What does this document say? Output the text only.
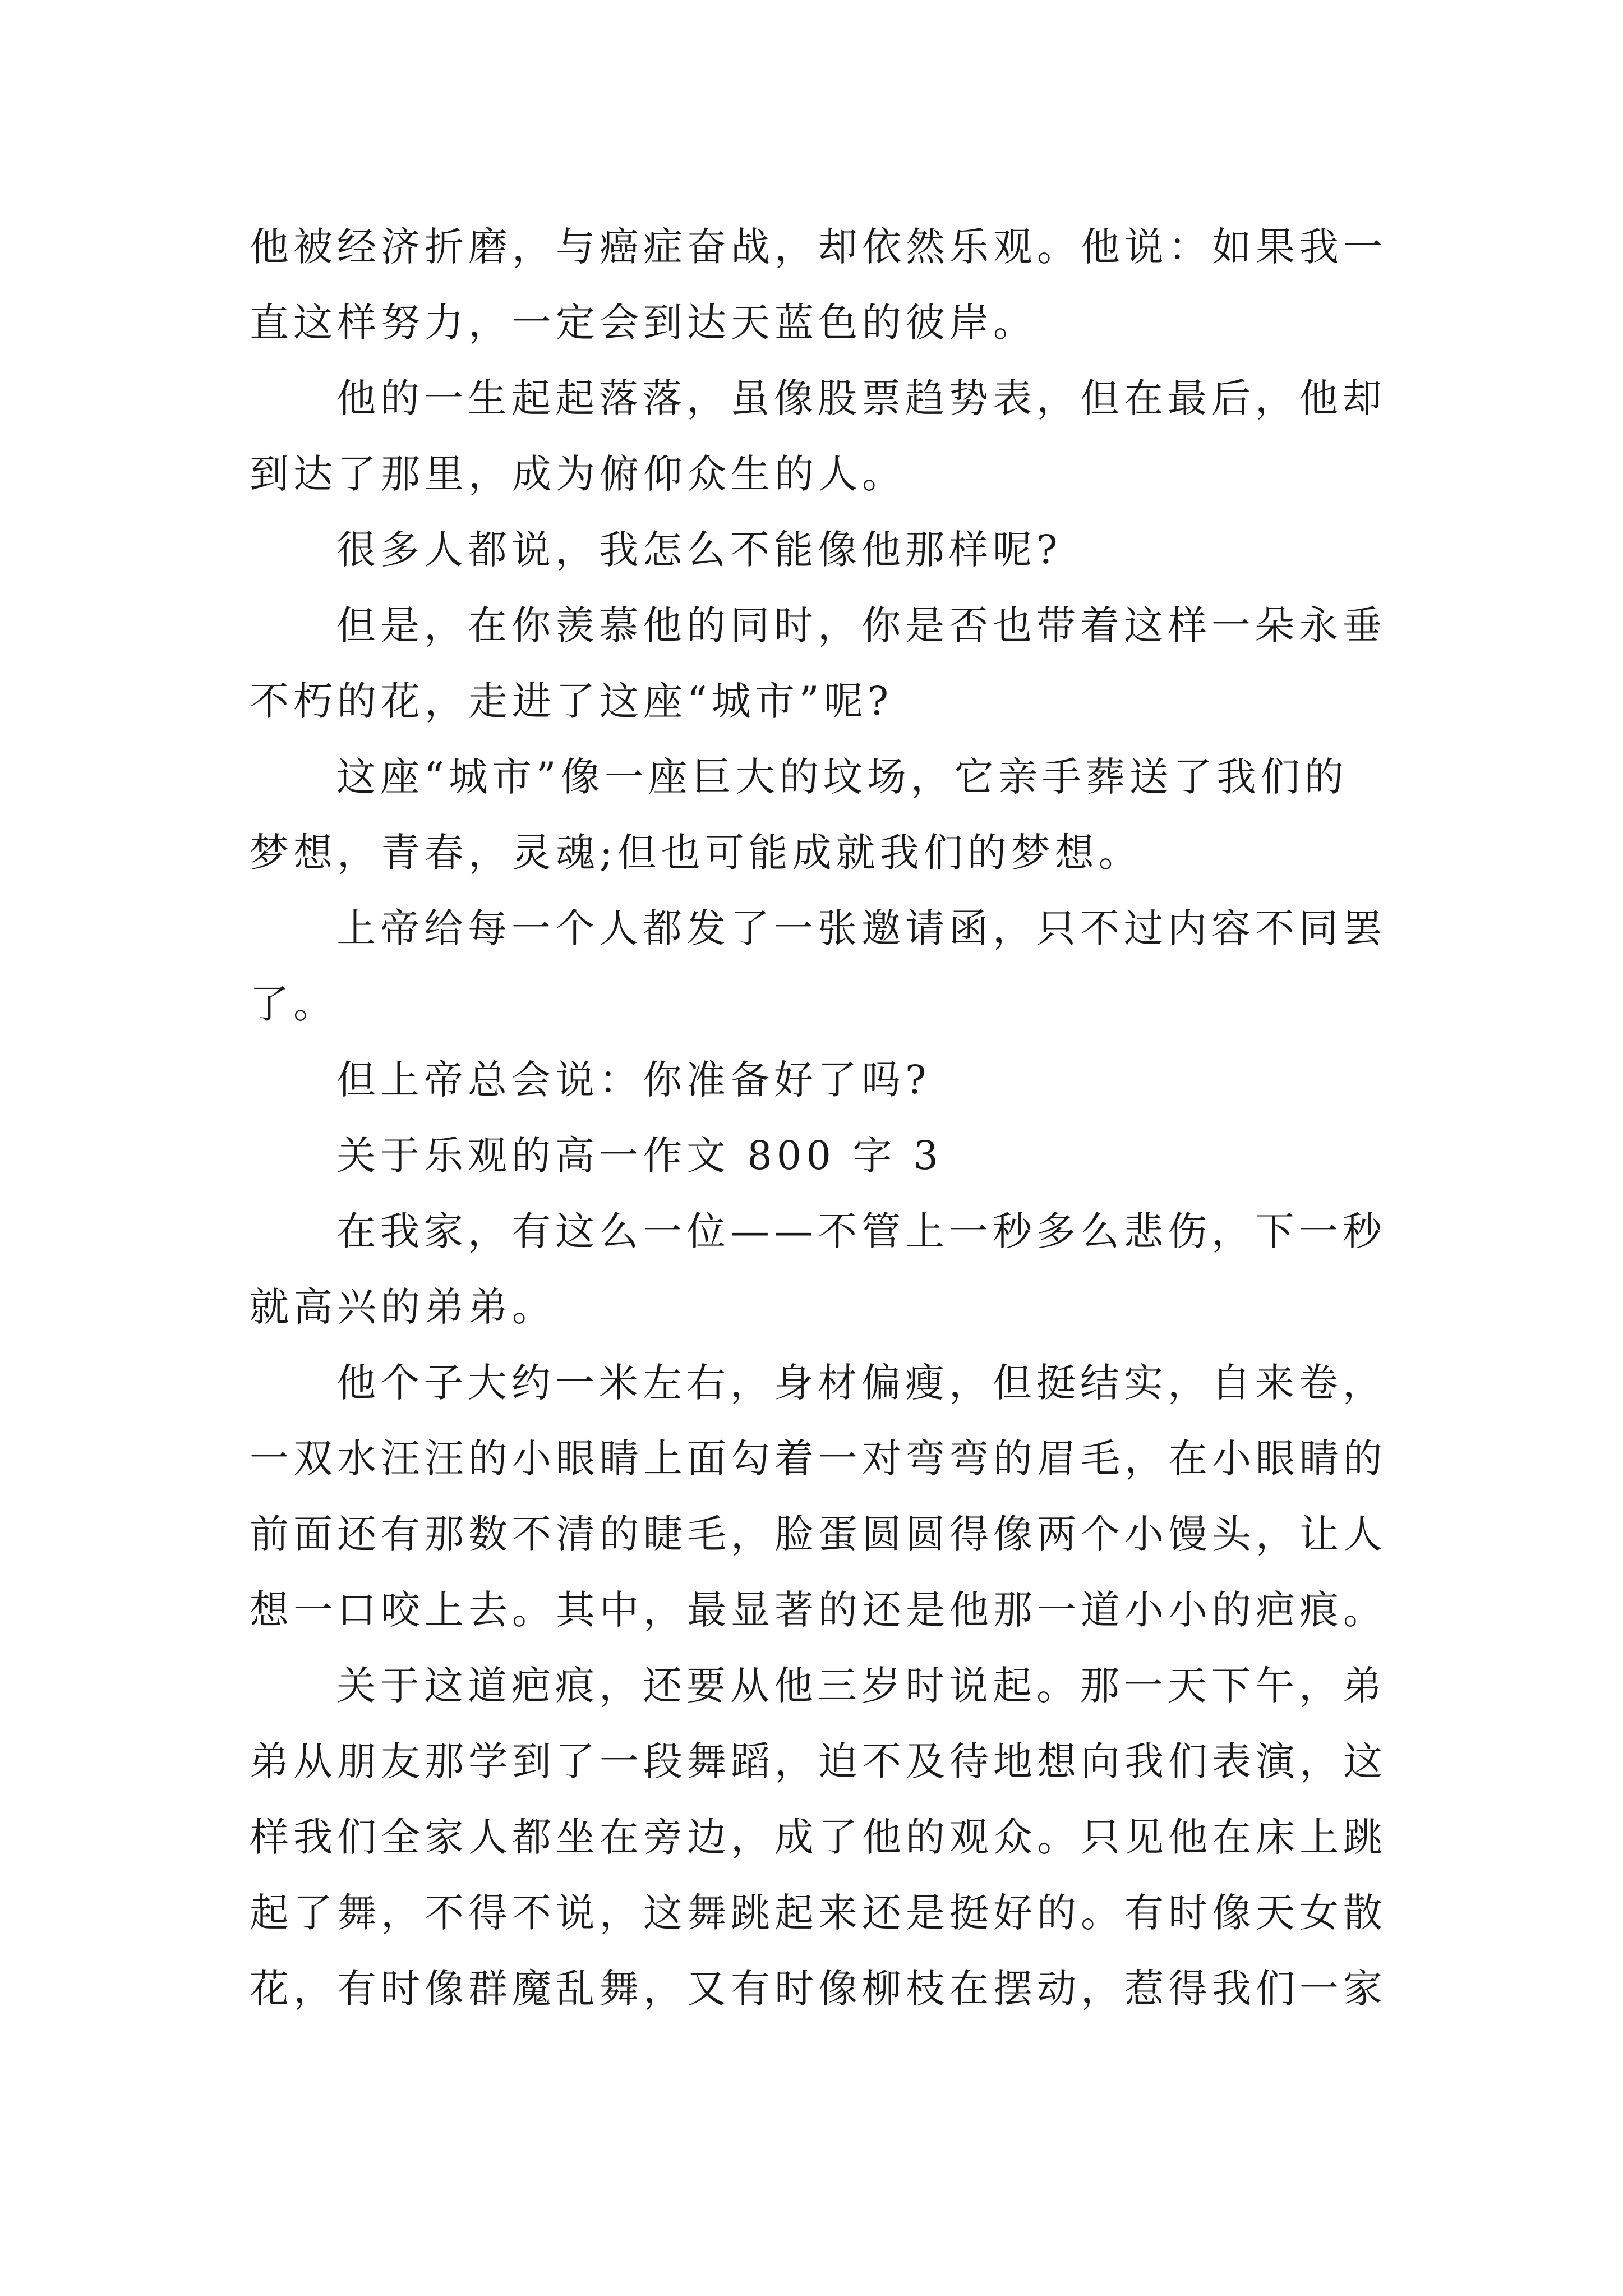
他被经济折磨，与癌症奋战，却依然乐观。他说：如果我一
直这样努力，一定会到达天蓝色的彼岸。
他的一生起起落落，虽像股票趋势表，但在最后，他却
到达了那里，成为俯仰众生的人。
很多人都说，我怎么不能像他那样呢?
但是，在你羡慕他的同时，你是否也带着这样一朵永垂
不朽的花，走进了这座“城市”呢?
这座“城市”像一座巨大的坟场，它亲手葬送了我们的
梦想，青春，灵魂;但也可能成就我们的梦想。
上帝给每一个人都发了一张邀请函，只不过内容不同罢
了。
但上帝总会说：你准备好了吗?
关于乐观的高一作文 800 字 3
在我家，有这么一位——不管上一秒多么悲伤，下一秒
就高兴的弟弟。
他个子大约一米左右，身材偏瘦，但挺结实，自来卷，
一双水汪汪的小眼睛上面勾着一对弯弯的眉毛，在小眼睛的
前面还有那数不清的睫毛，脸蛋圆圆得像两个小馒头，让人
想一口咬上去。其中，最显著的还是他那一道小小的疤痕。
关于这道疤痕，还要从他三岁时说起。那一天下午，弟
弟从朋友那学到了一段舞蹈，迫不及待地想向我们表演，这
样我们全家人都坐在旁边，成了他的观众。只见他在床上跳
起了舞，不得不说，这舞跳起来还是挺好的。有时像天女散
花，有时像群魔乱舞，又有时像柳枝在摆动，惹得我们一家
